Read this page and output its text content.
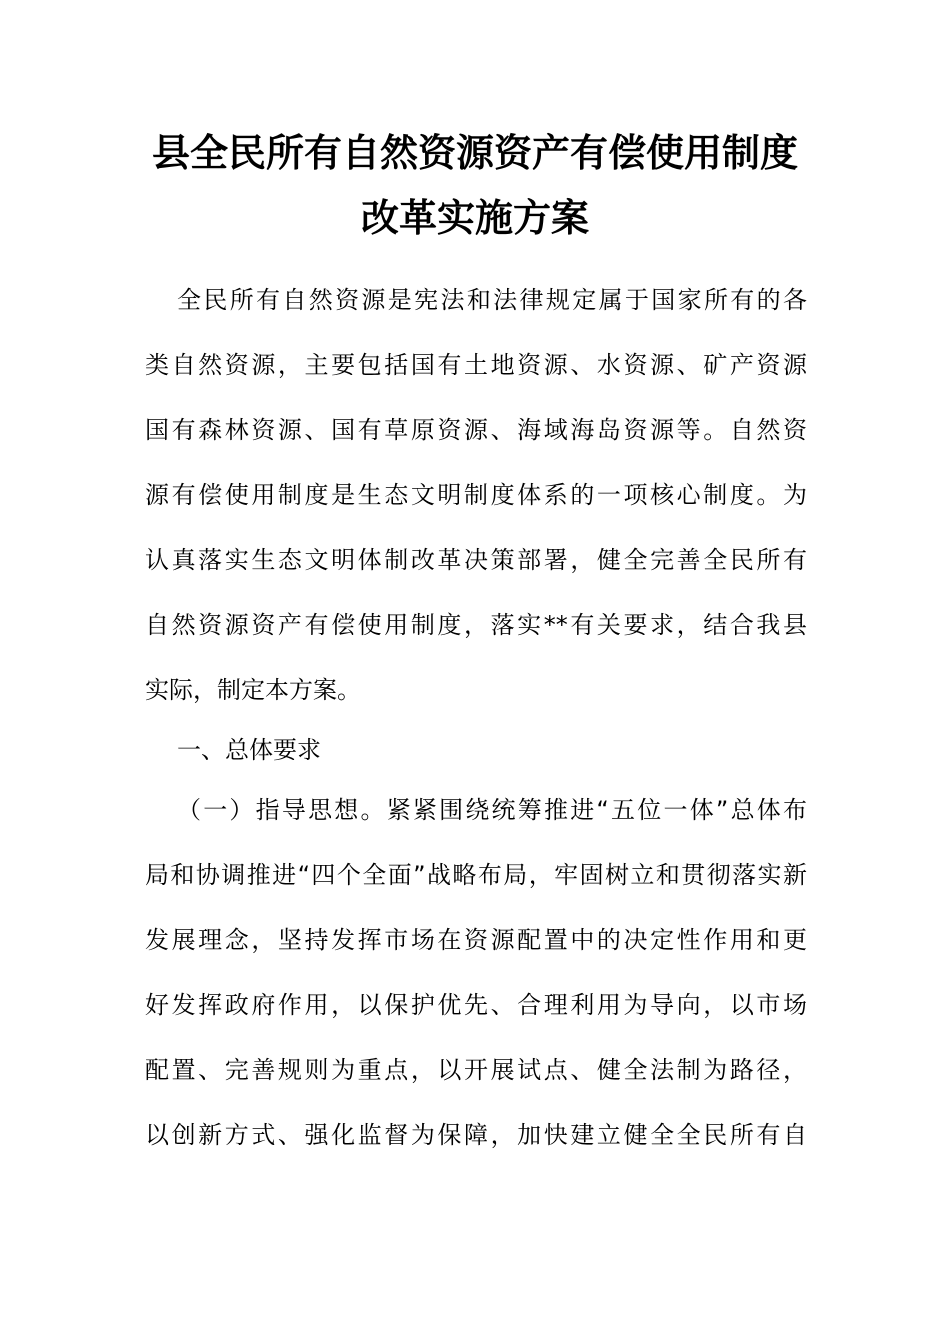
县全民所有自然资源资产有偿使用制度
改革实施方案
全民所有自然资源是宪法和法律规定属于国家所有的各
类自然资源，主要包括国有土地资源、水资源、矿产资源
国有森林资源、国有草原资源、海域海岛资源等。自然资
源有偿使用制度是生态文明制度体系的一项核心制度。为
认真落实生态文明体制改革决策部署，健全完善全民所有
自然资源资产有偿使用制度，落实**有关要求，结合我县
实际，制定本方案。
一、总体要求
（一）指导思想。紧紧围绕统筹推进“五位一体”总体布
局和协调推进“四个全面”战略布局，牢固树立和贯彻落实新
发展理念，坚持发挥市场在资源配置中的决定性作用和更
好发挥政府作用，以保护优先、合理利用为导向，以市场
配置、完善规则为重点，以开展试点、健全法制为路径，
以创新方式、强化监督为保障，加快建立健全全民所有自
